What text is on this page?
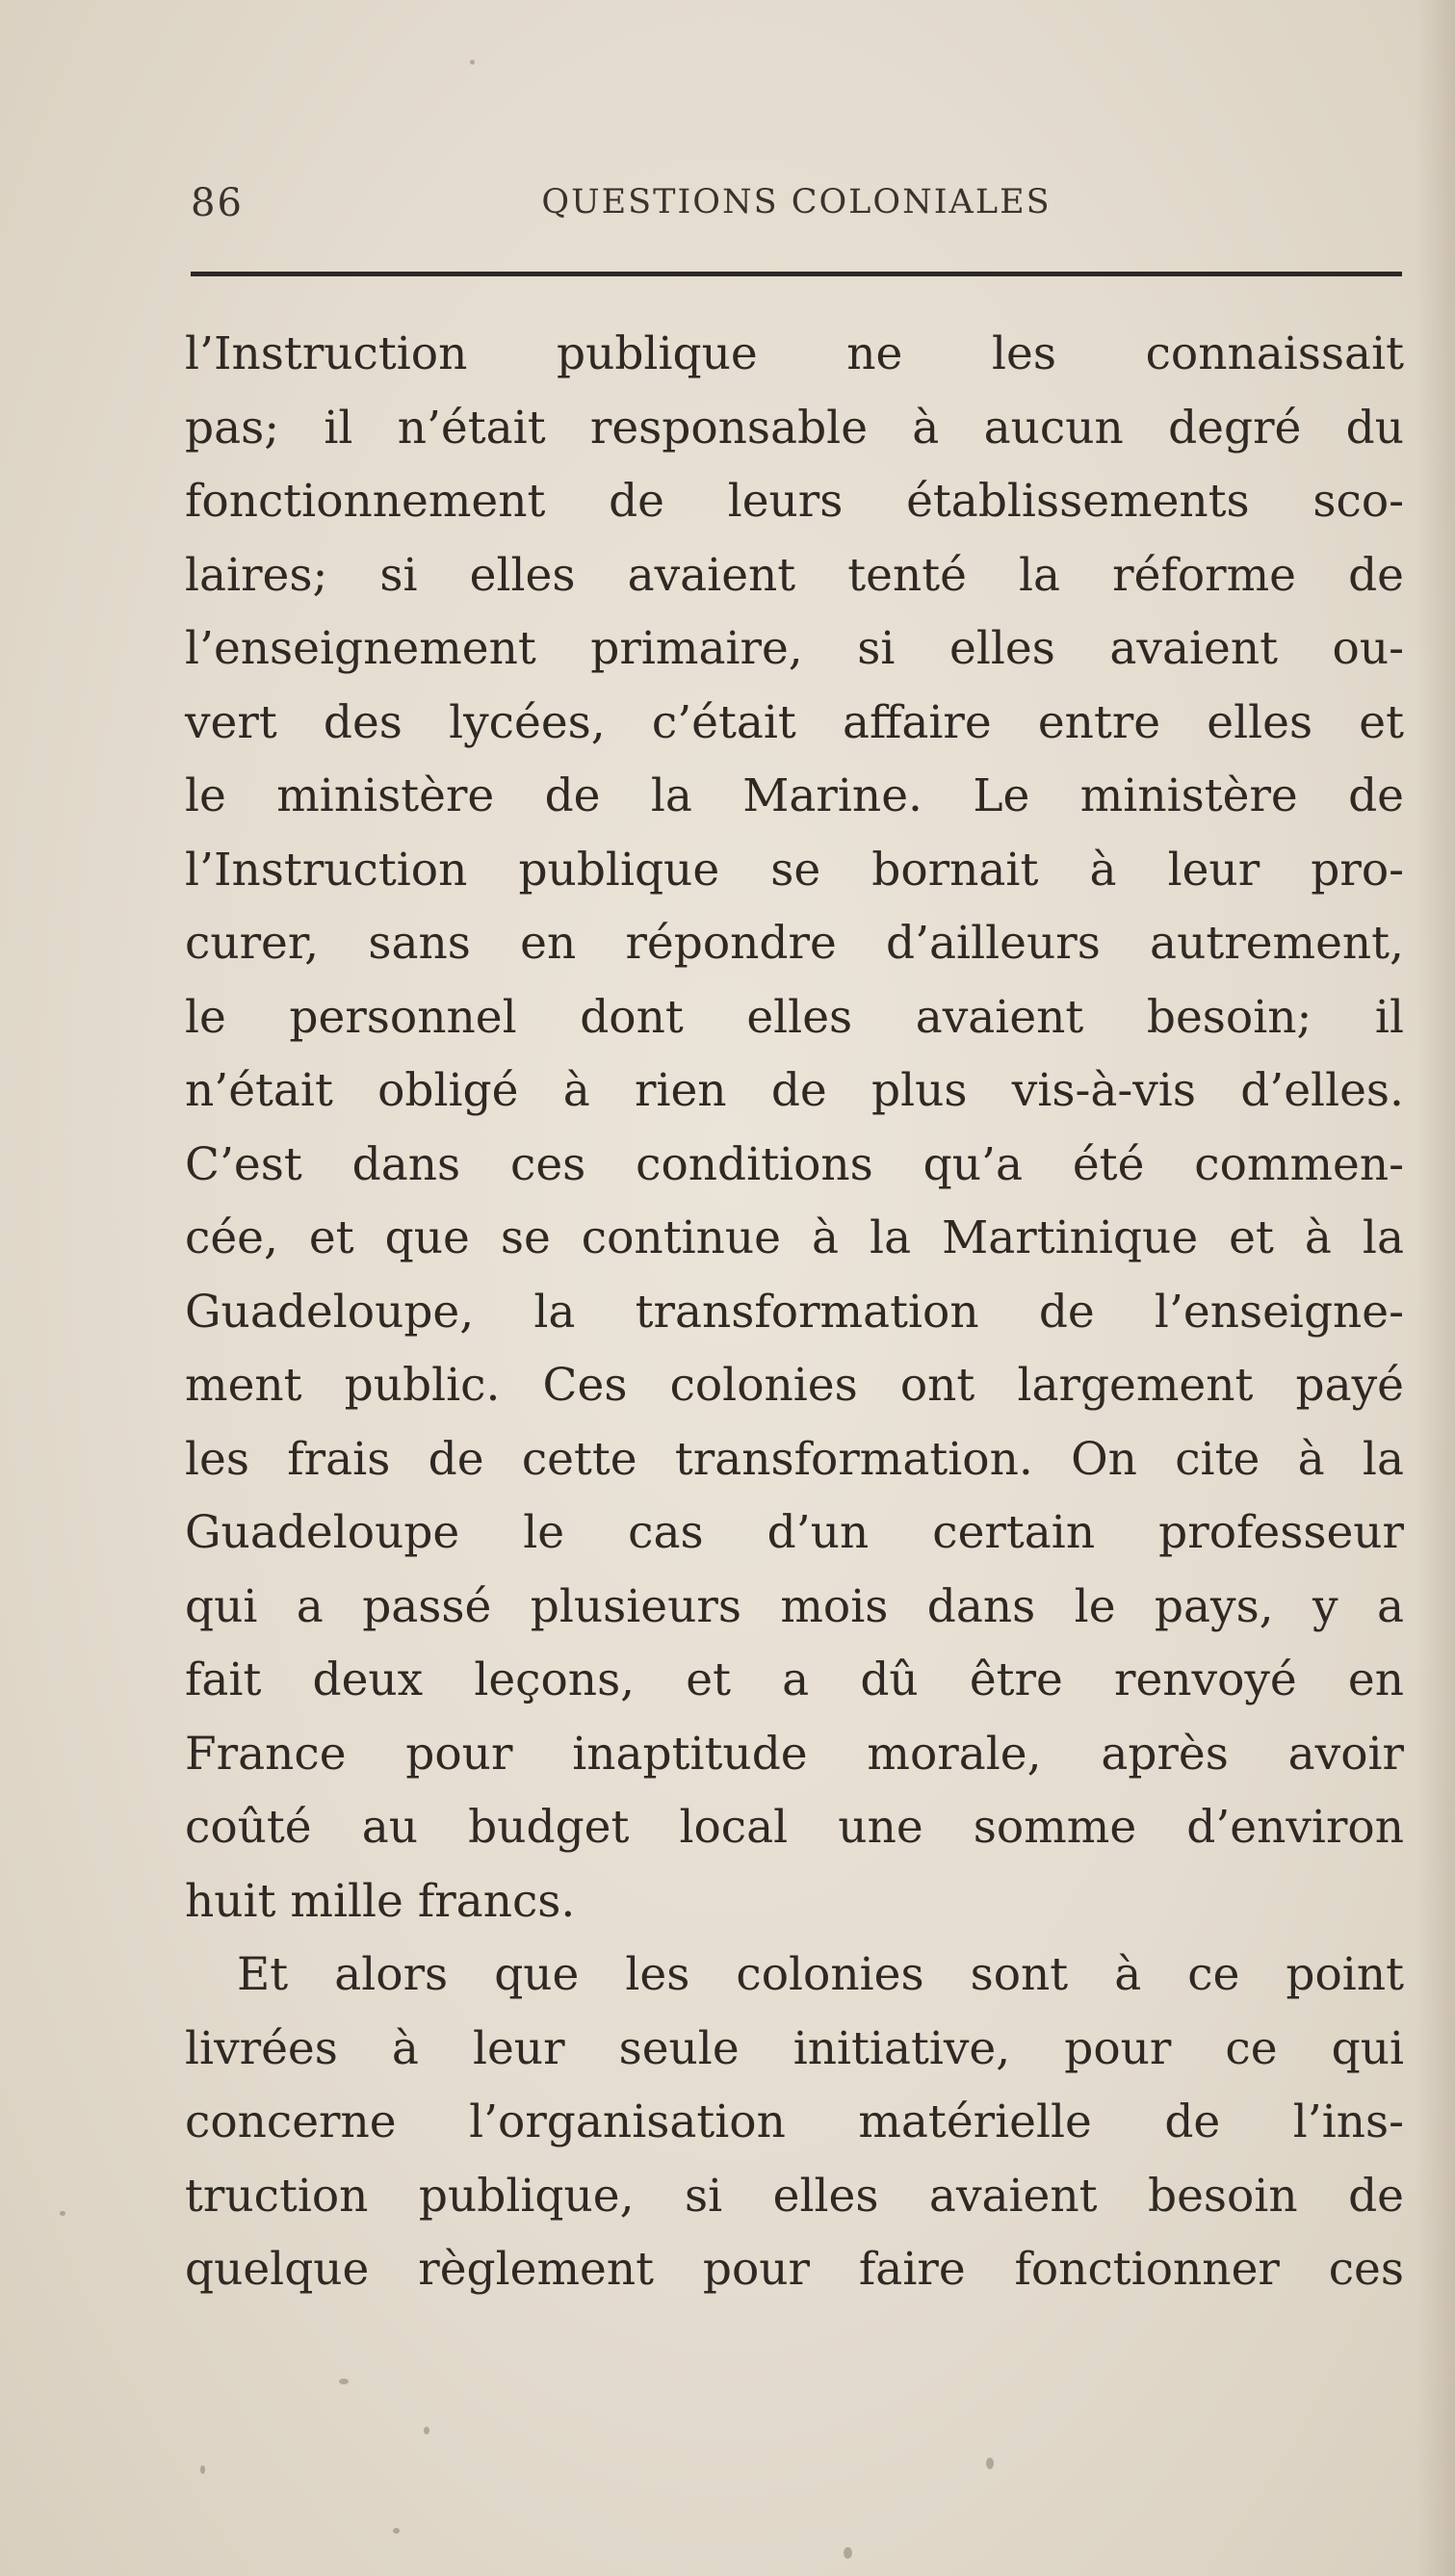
86	QUESTIONS COLONIALES
l’Instruction publique ne les connaissait
pas; il n’était responsable à aucun degré du
fonctionnement de leurs établissements sco-
laires; si elles avaient tenté la réforme de
l’enseignement primaire, si elles avaient ou-
vert des lycées, c’était affaire entre elles et
le ministère de la Marine. Le ministère de
l’Instruction publique se bornait à leur pro-
curer, sans en répondre d’ailleurs autrement,
le personnel dont elles avaient besoin; il
n’était obligé à rien de plus vis-à-vis d’elles.
C’est dans ces conditions qu’a été commen-
cée, et que se continue à la Martinique et à la
Guadeloupe, la transformation de l’enseigne-
ment public. Ces colonies ont largement payé
les frais de cette transformation. On cite à la
Guadeloupe le cas d’un certain professeur
qui a passé plusieurs mois dans le pays, y a
fait deux leçons, et a dû être renvoyé en
France pour inaptitude morale, après avoir
coûté au budget local une somme d’environ
huit mille francs.
Et alors que les colonies sont à ce point
livrées à leur seule initiative, pour ce qui
concerne l’organisation matérielle de l’ins-
truction publique, si elles avaient besoin de
quelque règlement pour faire fonctionner ces
